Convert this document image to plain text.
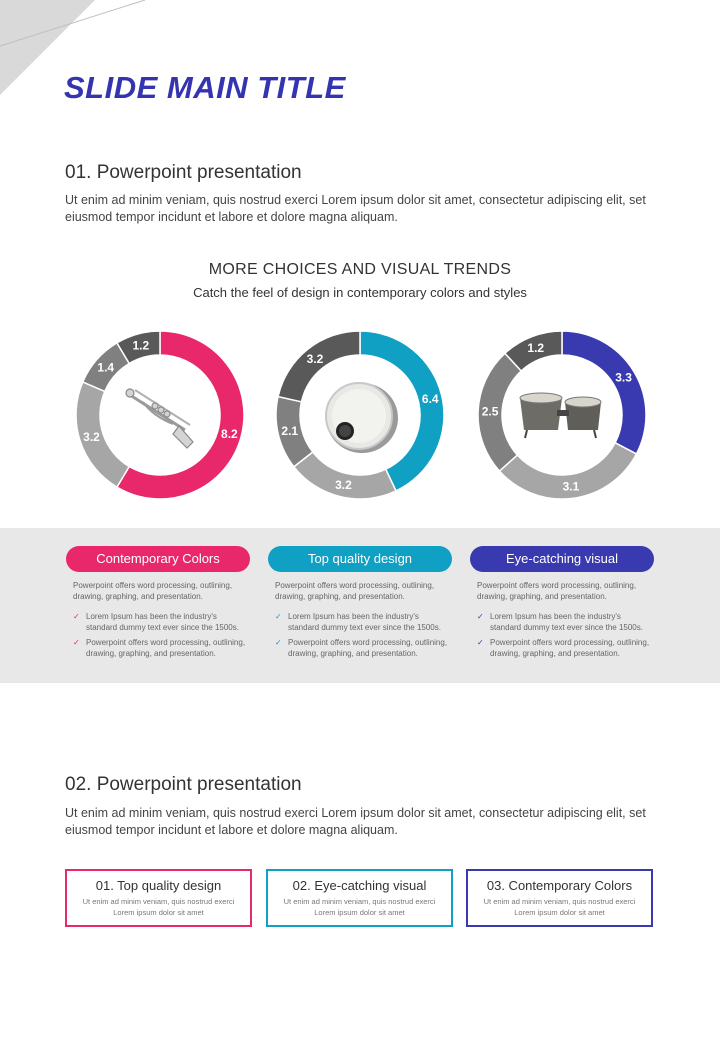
SLIDE MAIN TITLE
01. Powerpoint presentation

Ut enim ad minim veniam, quis nostrud exerci Lorem ipsum dolor sit amet, consectetur adipiscing elit, set eiusmod tempor incidunt et labore et dolore magna aliquam.

MORE CHOICES AND VISUAL TRENDS
Catch the feel of design in contemporary colors and styles
8.2
3.2
1.4
1.2
6.4
3.2
2.1
3.2
3.3
3.1
2.5
1.2
Contemporary Colors
Powerpoint offers word processing, outlining, drawing, graphing, and presentation.
✓ Lorem Ipsum has been the industry's standard dummy text ever since the 1500s.
✓ Powerpoint offers word processing, outlining, drawing, graphing, and presentation.
Top quality design
Powerpoint offers word processing, outlining, drawing, graphing, and presentation.
✓ Lorem Ipsum has been the industry's standard dummy text ever since the 1500s.
✓ Powerpoint offers word processing, outlining, drawing, graphing, and presentation.
Eye-catching visual
Powerpoint offers word processing, outlining, drawing, graphing, and presentation.
✓ Lorem Ipsum has been the industry's standard dummy text ever since the 1500s.
✓ Powerpoint offers word processing, outlining, drawing, graphing, and presentation.
02. Powerpoint presentation

Ut enim ad minim veniam, quis nostrud exerci Lorem ipsum dolor sit amet, consectetur adipiscing elit, set eiusmod tempor incidunt et labore et dolore magna aliquam.

01. Top quality design
Ut enim ad minim veniam, quis nostrud exerci Lorem ipsum dolor sit amet
02. Eye-catching visual
Ut enim ad minim veniam, quis nostrud exerci Lorem ipsum dolor sit amet
03. Contemporary Colors
Ut enim ad minim veniam, quis nostrud exerci Lorem ipsum dolor sit amet
